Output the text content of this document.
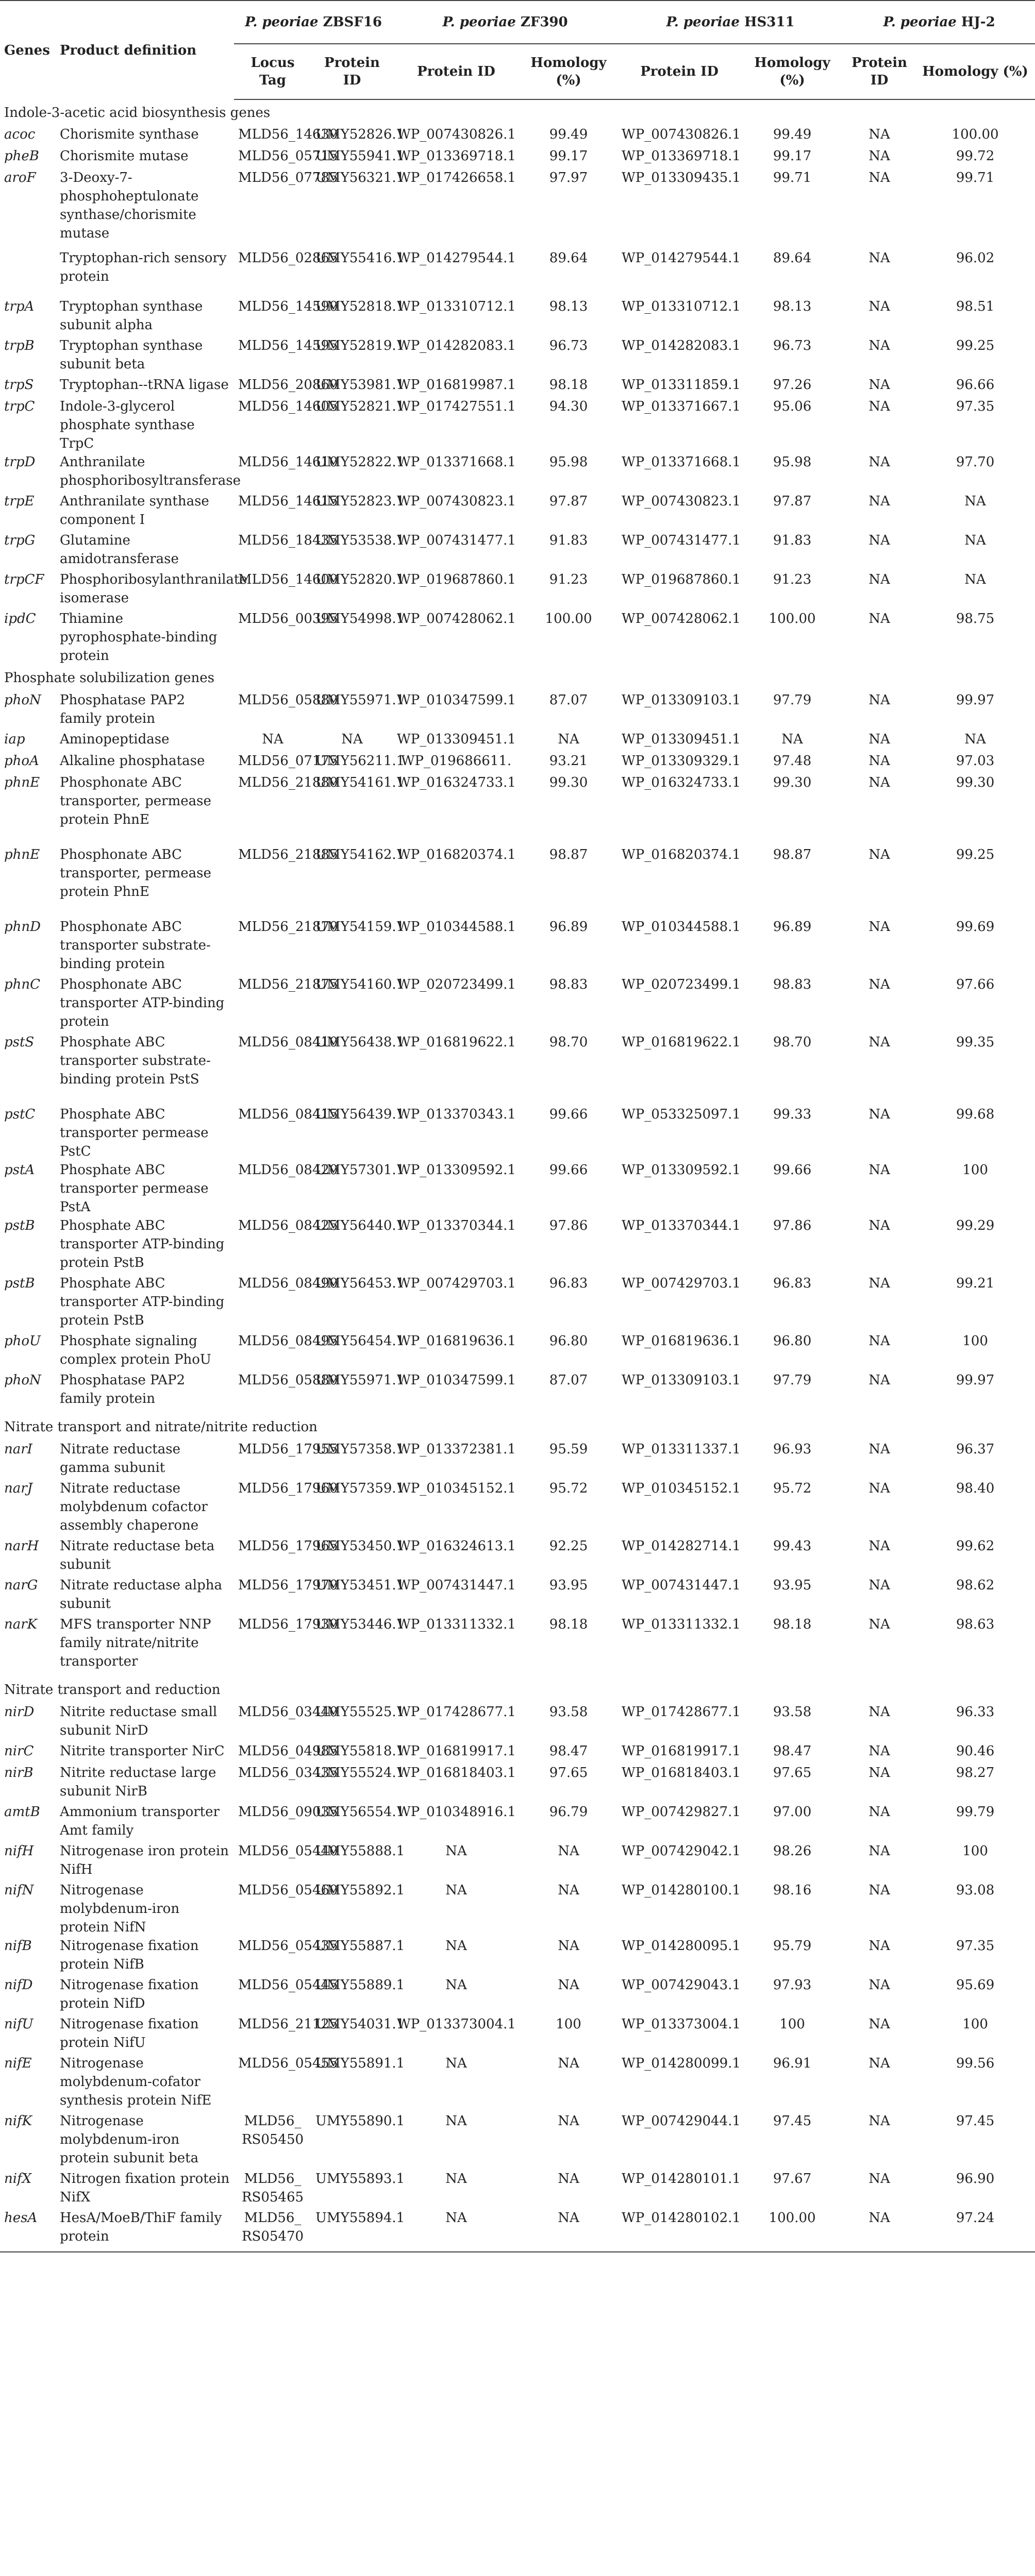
Genes	Product definition	P. peoriae ZBSF16		P. peoriae ZF390		P. peoriae HS311		P. peoriae HJ-2	
		Locus Tag	Protein ID	Protein ID	Homology (%)	Protein ID	Homology (%)	Protein ID	Homology (%)
Indole-3-acetic acid biosynthesis genes									
acoc	Chorismite synthase	MLD56_14630	UMY52826.1	WP_007430826.1	99.49	WP_007430826.1	99.49	NA	100.00
pheB	Chorismite mutase	MLD56_05715	UMY55941.1	WP_013369718.1	99.17	WP_013369718.1	99.17	NA	99.72
aroF	3-Deoxy-7-phosphoheptulonate synthase/chorismite mutase	MLD56_07785	UMY56321.1	WP_017426658.1	97.97	WP_013309435.1	99.71	NA	99.71
	Tryptophan-rich sensory protein	MLD56_02865	UMY55416.1	WP_014279544.1	89.64	WP_014279544.1	89.64	NA	96.02
trpA	Tryptophan synthase subunit alpha	MLD56_14590	UMY52818.1	WP_013310712.1	98.13	WP_013310712.1	98.13	NA	98.51
trpB	Tryptophan synthase subunit beta	MLD56_14595	UMY52819.1	WP_014282083.1	96.73	WP_014282083.1	96.73	NA	99.25
trpS	Tryptophan--tRNA ligase	MLD56_20860	UMY53981.1	WP_016819987.1	98.18	WP_013311859.1	97.26	NA	96.66
trpC	Indole-3-glycerol phosphate synthase TrpC	MLD56_14605	UMY52821.1	WP_017427551.1	94.30	WP_013371667.1	95.06	NA	97.35
trpD	Anthranilate phosphoribosyltransferase	MLD56_14610	UMY52822.1	WP_013371668.1	95.98	WP_013371668.1	95.98	NA	97.70
trpE	Anthranilate synthase component I	MLD56_14615	UMY52823.1	WP_007430823.1	97.87	WP_007430823.1	97.87	NA	NA
trpG	Glutamine amidotransferase	MLD56_18435	UMY53538.1	WP_007431477.1	91.83	WP_007431477.1	91.83	NA	NA
trpCF	Phosphoribosylanthranilate isomerase	MLD56_14600	UMY52820.1	WP_019687860.1	91.23	WP_019687860.1	91.23	NA	NA
ipdC	Thiamine pyrophosphate-binding protein	MLD56_00395	UMY54998.1	WP_007428062.1	100.00	WP_007428062.1	100.00	NA	98.75
Phosphate solubilization genes									
phoN	Phosphatase PAP2 family protein	MLD56_05880	UMY55971.1	WP_010347599.1	87.07	WP_013309103.1	97.79	NA	99.97
iap	Aminopeptidase	NA	NA	WP_013309451.1	NA	WP_013309451.1	NA	NA	NA
phoA	Alkaline phosphatase	MLD56_07175	UMY56211.1	WP_019686611.	93.21	WP_013309329.1	97.48	NA	97.03
phnE	Phosphonate ABC transporter, permease protein PhnE	MLD56_21880	UMY54161.1	WP_016324733.1	99.30	WP_016324733.1	99.30	NA	99.30
phnE	Phosphonate ABC transporter, permease protein PhnE	MLD56_21885	UMY54162.1	WP_016820374.1	98.87	WP_016820374.1	98.87	NA	99.25
phnD	Phosphonate ABC transporter substrate-binding protein	MLD56_21870	UMY54159.1	WP_010344588.1	96.89	WP_010344588.1	96.89	NA	99.69
phnC	Phosphonate ABC transporter ATP-binding protein	MLD56_21875	UMY54160.1	WP_020723499.1	98.83	WP_020723499.1	98.83	NA	97.66
pstS	Phosphate ABC transporter substrate-binding protein PstS	MLD56_08410	UMY56438.1	WP_016819622.1	98.70	WP_016819622.1	98.70	NA	99.35
pstC	Phosphate ABC transporter permease PstC	MLD56_08415	UMY56439.1	WP_013370343.1	99.66	WP_053325097.1	99.33	NA	99.68
pstA	Phosphate ABC transporter permease PstA	MLD56_08420	UMY57301.1	WP_013309592.1	99.66	WP_013309592.1	99.66	NA	100
pstB	Phosphate ABC transporter ATP-binding protein PstB	MLD56_08425	UMY56440.1	WP_013370344.1	97.86	WP_013370344.1	97.86	NA	99.29
pstB	Phosphate ABC transporter ATP-binding protein PstB	MLD56_08490	UMY56453.1	WP_007429703.1	96.83	WP_007429703.1	96.83	NA	99.21
phoU	Phosphate signaling complex protein PhoU	MLD56_08495	UMY56454.1	WP_016819636.1	96.80	WP_016819636.1	96.80	NA	100
phoN	Phosphatase PAP2 family protein	MLD56_05880	UMY55971.1	WP_010347599.1	87.07	WP_013309103.1	97.79	NA	99.97
Nitrate transport and nitrate/nitrite reduction									
narI	Nitrate reductase gamma subunit	MLD56_17955	UMY57358.1	WP_013372381.1	95.59	WP_013311337.1	96.93	NA	96.37
narJ	Nitrate reductase molybdenum cofactor assembly chaperone	MLD56_17960	UMY57359.1	WP_010345152.1	95.72	WP_010345152.1	95.72	NA	98.40
narH	Nitrate reductase beta subunit	MLD56_17965	UMY53450.1	WP_016324613.1	92.25	WP_014282714.1	99.43	NA	99.62
narG	Nitrate reductase alpha subunit	MLD56_17970	UMY53451.1	WP_007431447.1	93.95	WP_007431447.1	93.95	NA	98.62
narK	MFS transporter NNP family nitrate/nitrite transporter	MLD56_17930	UMY53446.1	WP_013311332.1	98.18	WP_013311332.1	98.18	NA	98.63
Nitrate transport and reduction									
nirD	Nitrite reductase small subunit NirD	MLD56_03440	UMY55525.1	WP_017428677.1	93.58	WP_017428677.1	93.58	NA	96.33
nirC	Nitrite transporter NirC	MLD56_04985	UMY55818.1	WP_016819917.1	98.47	WP_016819917.1	98.47	NA	90.46
nirB	Nitrite reductase large subunit NirB	MLD56_03435	UMY55524.1	WP_016818403.1	97.65	WP_016818403.1	97.65	NA	98.27
amtB	Ammonium transporter Amt family	MLD56_09035	UMY56554.1	WP_010348916.1	96.79	WP_007429827.1	97.00	NA	99.79
nifH	Nitrogenase iron protein NifH	MLD56_05440	UMY55888.1	NA	NA	WP_007429042.1	98.26	NA	100
nifN	Nitrogenase molybdenum-iron protein NifN	MLD56_05460	UMY55892.1	NA	NA	WP_014280100.1	98.16	NA	93.08
nifB	Nitrogenase fixation protein NifB	MLD56_05435	UMY55887.1	NA	NA	WP_014280095.1	95.79	NA	97.35
nifD	Nitrogenase fixation protein NifD	MLD56_05445	UMY55889.1	NA	NA	WP_007429043.1	97.93	NA	95.69
nifU	Nitrogenase fixation protein NifU	MLD56_21125	UMY54031.1	WP_013373004.1	100	WP_013373004.1	100	NA	100
nifE	Nitrogenase molybdenum-cofator synthesis protein NifE	MLD56_05455	UMY55891.1	NA	NA	WP_014280099.1	96.91	NA	99.56
nifK	Nitrogenase molybdenum-iron protein subunit beta	MLD56_ RS05450	UMY55890.1	NA	NA	WP_007429044.1	97.45	NA	97.45
nifX	Nitrogen fixation protein NifX	MLD56_ RS05465	UMY55893.1	NA	NA	WP_014280101.1	97.67	NA	96.90
hesA	HesA/MoeB/ThiF family protein	MLD56_ RS05470	UMY55894.1	NA	NA	WP_014280102.1	100.00	NA	97.24
